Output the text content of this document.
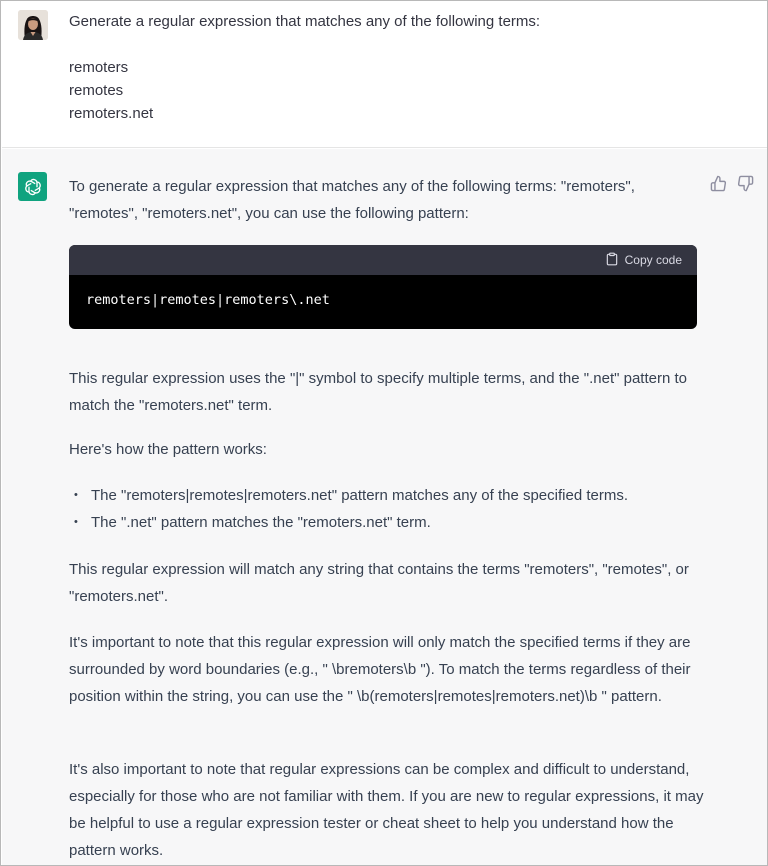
Generate a regular expression that matches any of the following terms:

remoters

remotes

remoters.net

To generate a regular expression that matches any of the following terms: "remoters",

"remotes", "remoters.net", you can use the following pattern:

Copy code
remoters|remotes|remoters\.net

This regular expression uses the "|" symbol to specify multiple terms, and the ".net" pattern to match the "remoters.net" term.

Here's how the pattern works:

• The "remoters|remotes|remoters.net" pattern matches any of the specified terms.
• The ".net" pattern matches the "remoters.net" term.

This regular expression will match any string that contains the terms "remoters", "remotes", or "remoters.net".

It's important to note that this regular expression will only match the specified terms if they are surrounded by word boundaries (e.g., " \bremoters\b "). To match the terms regardless of their position within the string, you can use the " \b(remoters|remotes|remoters.net)\b " pattern.

It's also important to note that regular expressions can be complex and difficult to understand, especially for those who are not familiar with them. If you are new to regular expressions, it may be helpful to use a regular expression tester or cheat sheet to help you understand how the pattern works.
